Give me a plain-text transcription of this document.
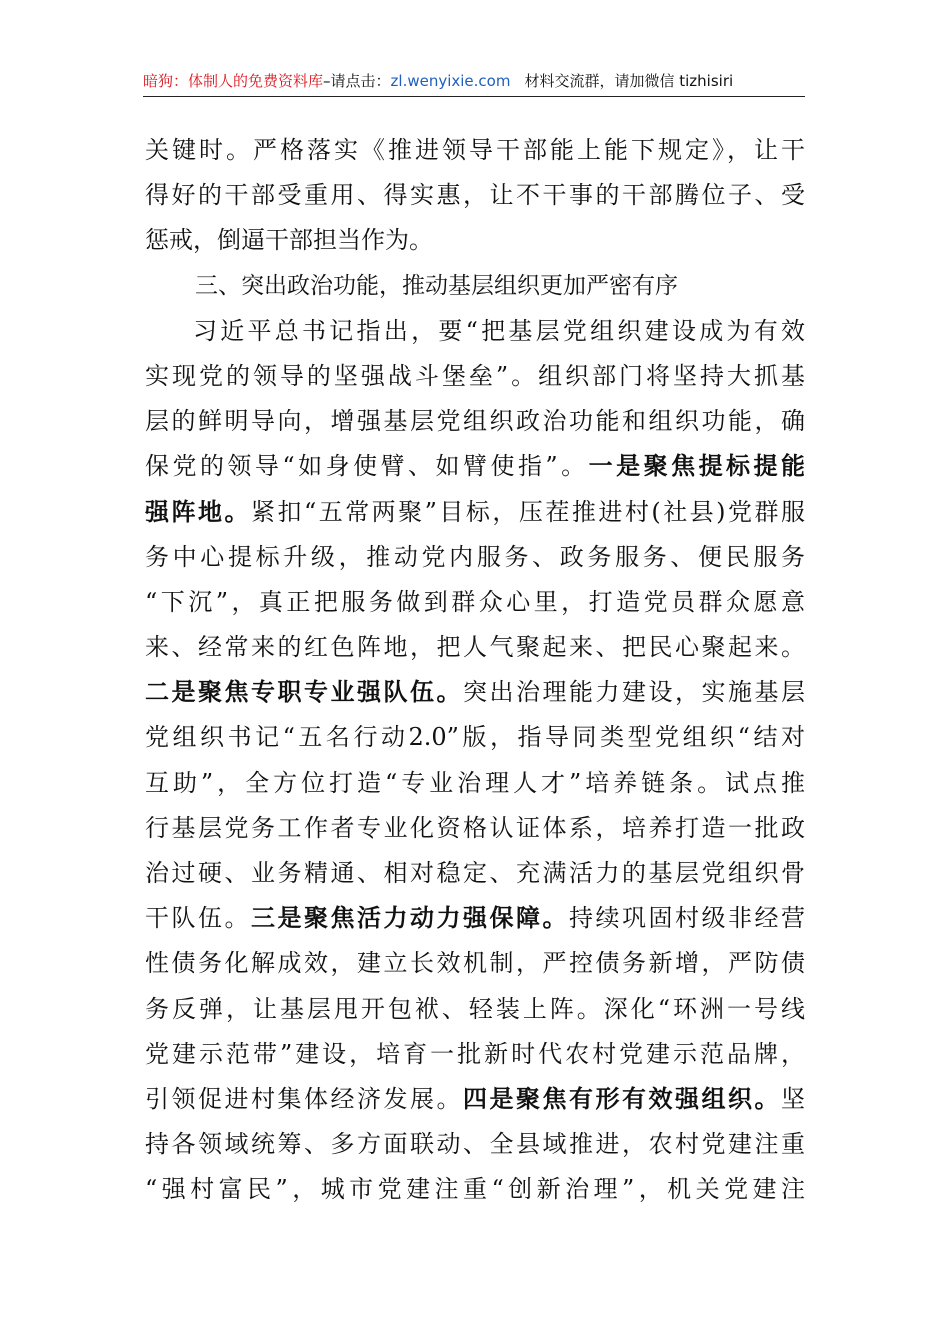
暗狗：体制人的免费资料库–请点击：zl.wenyixie.com 材料交流群，请加微信 tizhisiri
关键时。严格落实《推进领导干部能上能下规定》，让干
得好的干部受重用、得实惠，让不干事的干部腾位子、受
惩戒，倒逼干部担当作为。
三、突出政治功能，推动基层组织更加严密有序
习近平总书记指出，要“把基层党组织建设成为有效
实现党的领导的坚强战斗堡垒”。组织部门将坚持大抓基
层的鲜明导向，增强基层党组织政治功能和组织功能，确
保党的领导“如身使臂、如臂使指”。一是聚焦提标提能
强阵地。紧扣“五常两聚”目标，压茬推进村(社县)党群服
务中心提标升级，推动党内服务、政务服务、便民服务
“下沉”，真正把服务做到群众心里，打造党员群众愿意
来、经常来的红色阵地，把人气聚起来、把民心聚起来。
二是聚焦专职专业强队伍。突出治理能力建设，实施基层
党组织书记“五名行动2.0”版，指导同类型党组织“结对
互助”，全方位打造“专业治理人才”培养链条。试点推
行基层党务工作者专业化资格认证体系，培养打造一批政
治过硬、业务精通、相对稳定、充满活力的基层党组织骨
干队伍。三是聚焦活力动力强保障。持续巩固村级非经营
性债务化解成效，建立长效机制，严控债务新增，严防债
务反弹，让基层甩开包袱、轻装上阵。深化“环洲一号线
党建示范带”建设，培育一批新时代农村党建示范品牌，
引领促进村集体经济发展。四是聚焦有形有效强组织。坚
持各领域统筹、多方面联动、全县域推进，农村党建注重
“强村富民”，城市党建注重“创新治理”，机关党建注
